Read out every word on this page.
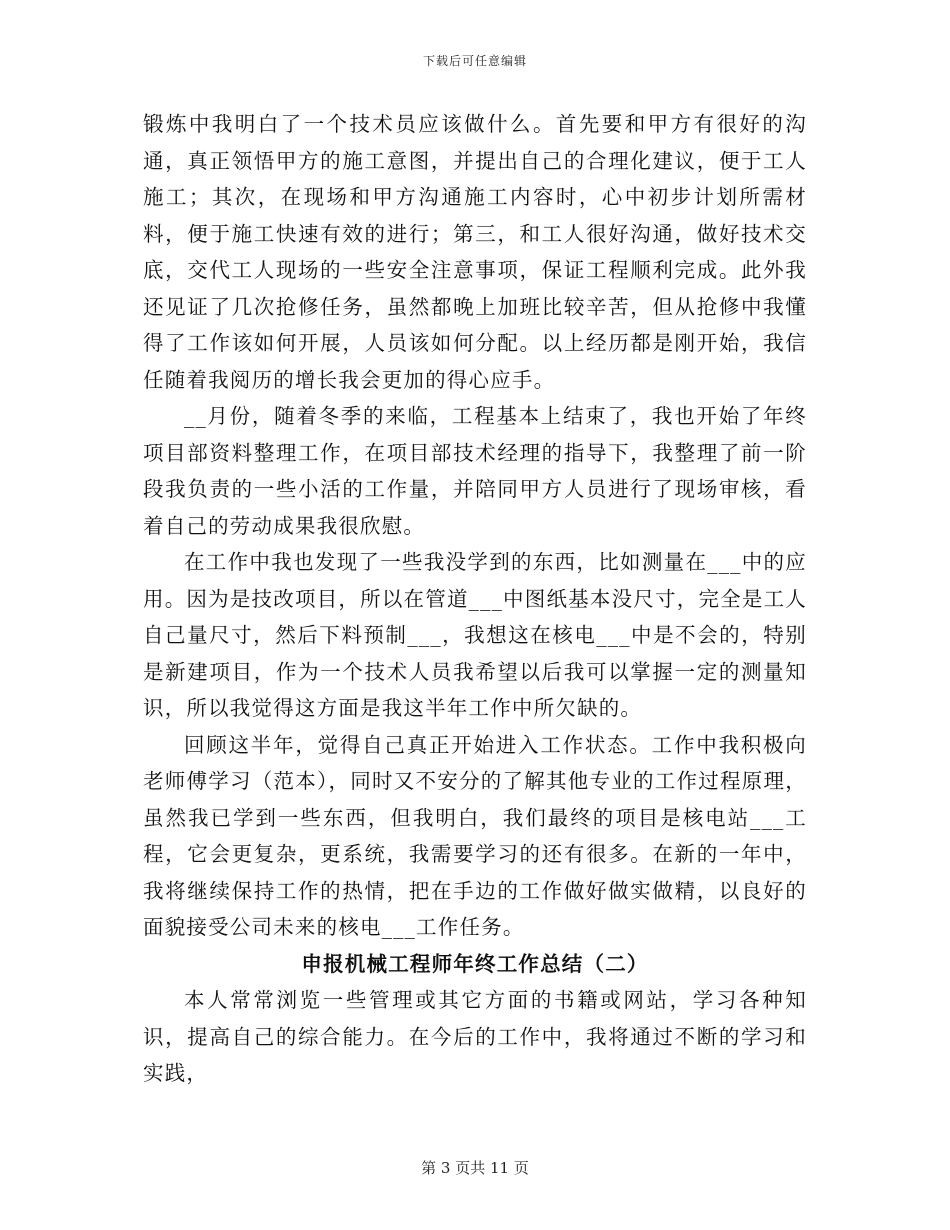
下载后可任意编辑

锻炼中我明白了一个技术员应该做什么。首先要和甲方有很好的沟通，真正领悟甲方的施工意图，并提出自己的合理化建议，便于工人施工；其次，在现场和甲方沟通施工内容时，心中初步计划所需材料，便于施工快速有效的进行；第三，和工人很好沟通，做好技术交底，交代工人现场的一些安全注意事项，保证工程顺利完成。此外我还见证了几次抢修任务，虽然都晚上加班比较辛苦，但从抢修中我懂得了工作该如何开展，人员该如何分配。以上经历都是刚开始，我信任随着我阅历的增长我会更加的得心应手。

__月份，随着冬季的来临，工程基本上结束了，我也开始了年终项目部资料整理工作，在项目部技术经理的指导下，我整理了前一阶段我负责的一些小活的工作量，并陪同甲方人员进行了现场审核，看着自己的劳动成果我很欣慰。

在工作中我也发现了一些我没学到的东西，比如测量在___中的应用。因为是技改项目，所以在管道___中图纸基本没尺寸，完全是工人自己量尺寸，然后下料预制___，我想这在核电___中是不会的，特别是新建项目，作为一个技术人员我希望以后我可以掌握一定的测量知识，所以我觉得这方面是我这半年工作中所欠缺的。

回顾这半年，觉得自己真正开始进入工作状态。工作中我积极向老师傅学习（范本），同时又不安分的了解其他专业的工作过程原理，虽然我已学到一些东西，但我明白，我们最终的项目是核电站___工程，它会更复杂，更系统，我需要学习的还有很多。在新的一年中，我将继续保持工作的热情，把在手边的工作做好做实做精，以良好的面貌接受公司未来的核电___工作任务。

申报机械工程师年终工作总结（二）

本人常常浏览一些管理或其它方面的书籍或网站，学习各种知识，提高自己的综合能力。在今后的工作中，我将通过不断的学习和实践，

第 3 页共 11 页
